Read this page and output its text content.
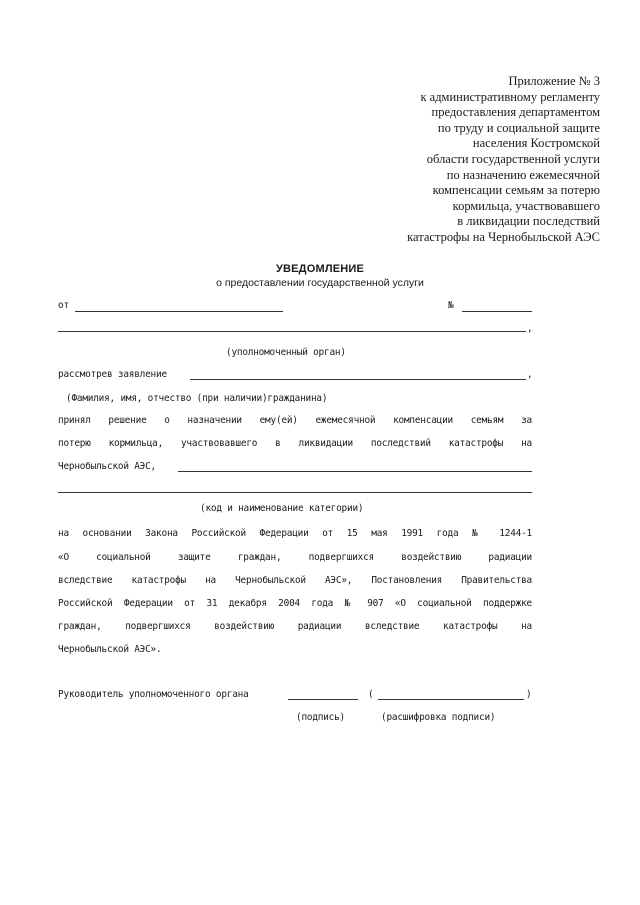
Приложение № 3
к административному регламенту
предоставления департаментом
по труду и социальной защите
населения Костромской
области государственной услуги
по назначению ежемесячной
компенсации семьям за потерю
кормильца, участвовавшего
в ликвидации последствий
катастрофы на Чернобыльской АЭС
УВЕДОМЛЕНИЕ
о предоставлении государственной услуги
от	№
,
(уполномоченный орган)
рассмотрев заявление	,
(Фамилия, имя, отчество (при наличии)гражданина)
принял решение о назначении ему(ей) ежемесячной компенсации семьям за
потерю кормильца, участвовавшего в ликвидации последствий катастрофы на
Чернобыльской АЭС,
(код и наименование категории)
на основании Закона Российской Федерации от 15 мая 1991 года № 1244-1
«О социальной защите граждан, подвергшихся воздействию радиации
вследствие катастрофы на Чернобыльской АЭС», Постановления Правительства
Российской Федерации от 31 декабря 2004 года № 907 «О социальной поддержке
граждан, подвергшихся воздействию радиации вследствие катастрофы на
Чернобыльской АЭС».
Руководитель уполномоченного органа	(	)
(подпись)	(расшифровка подписи)
